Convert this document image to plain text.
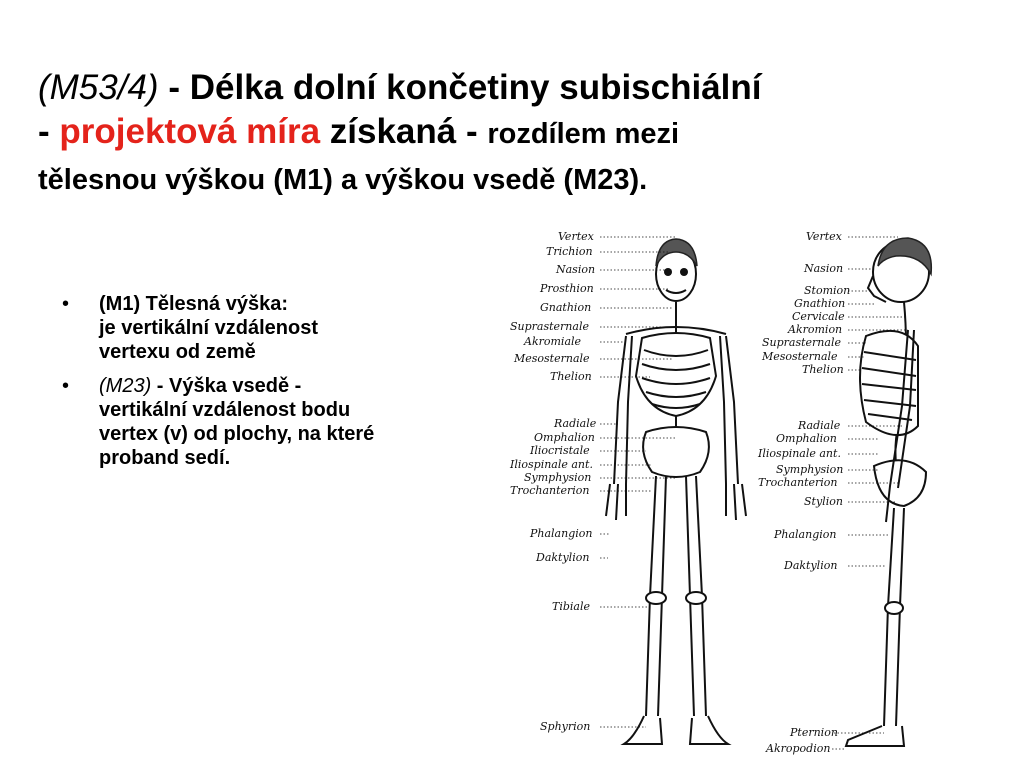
(M53/4) - Délka dolní končetiny subischiální
- projektová míra získaná - rozdílem mezi
tělesnou výškou (M1) a výškou vsedě (M23).
• (M1) Tělesná výška:
je vertikální vzdálenost
vertexu od země
• (M23) - Výška vsedě -
vertikální vzdálenost bodu
vertex (v) od plochy, na které
proband sedí.
Vertex
Trichion
Nasion
Prosthion
Gnathion
Suprasternale
Akromiale
Mesosternale
Thelion
Radiale
Omphalion
Iliocristale
Iliospinale ant.
Symphysion
Trochanterion
Phalangion
Daktylion
Tibiale
Sphyrion
Vertex
Nasion
Stomion
Gnathion
Cervicale
Akromion
Suprasternale
Mesosternale
Thelion
Radiale
Omphalion
Iliospinale ant.
Symphysion
Trochanterion
Stylion
Phalangion
Daktylion
Pternion
Akropodion
